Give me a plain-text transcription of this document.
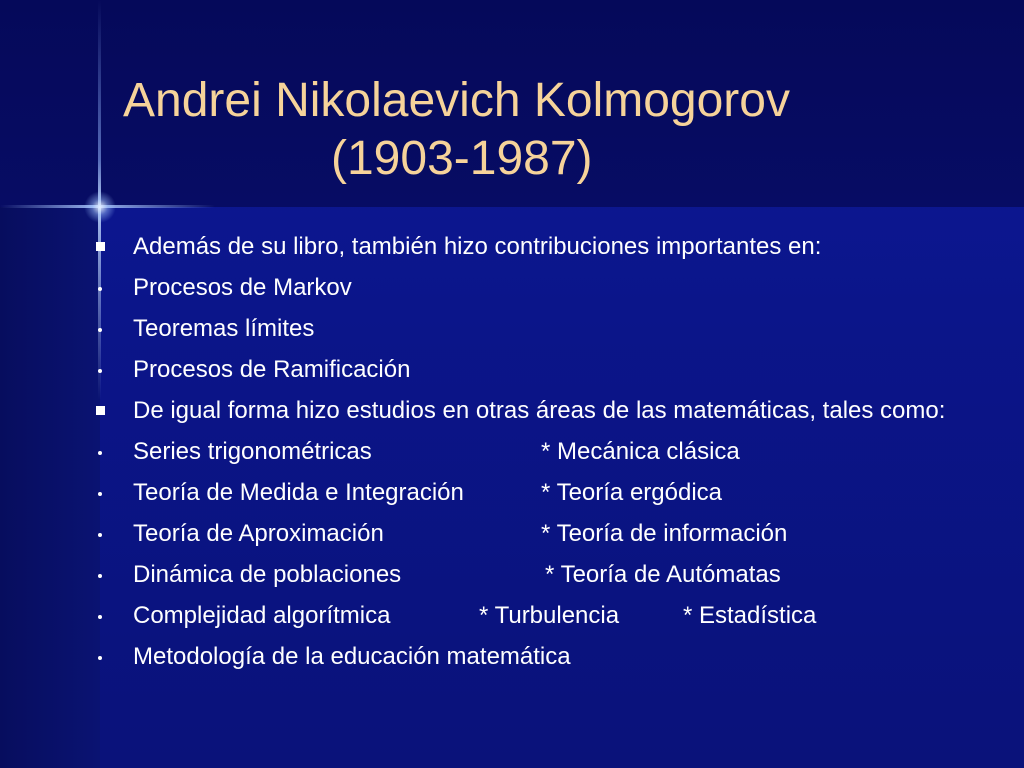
Andrei Nikolaevich Kolmogorov
(1903-1987)
Además de su libro, también hizo contribuciones importantes en:
Procesos de Markov
Teoremas límites
Procesos de Ramificación
De igual forma hizo estudios en otras áreas de las matemáticas, tales como:
Series trigonométricas	* Mecánica clásica
Teoría de Medida e Integración	* Teoría ergódica
Teoría de Aproximación	* Teoría de información
Dinámica de poblaciones	* Teoría de Autómatas
Complejidad algorítmica	* Turbulencia	* Estadística
Metodología de la educación matemática
